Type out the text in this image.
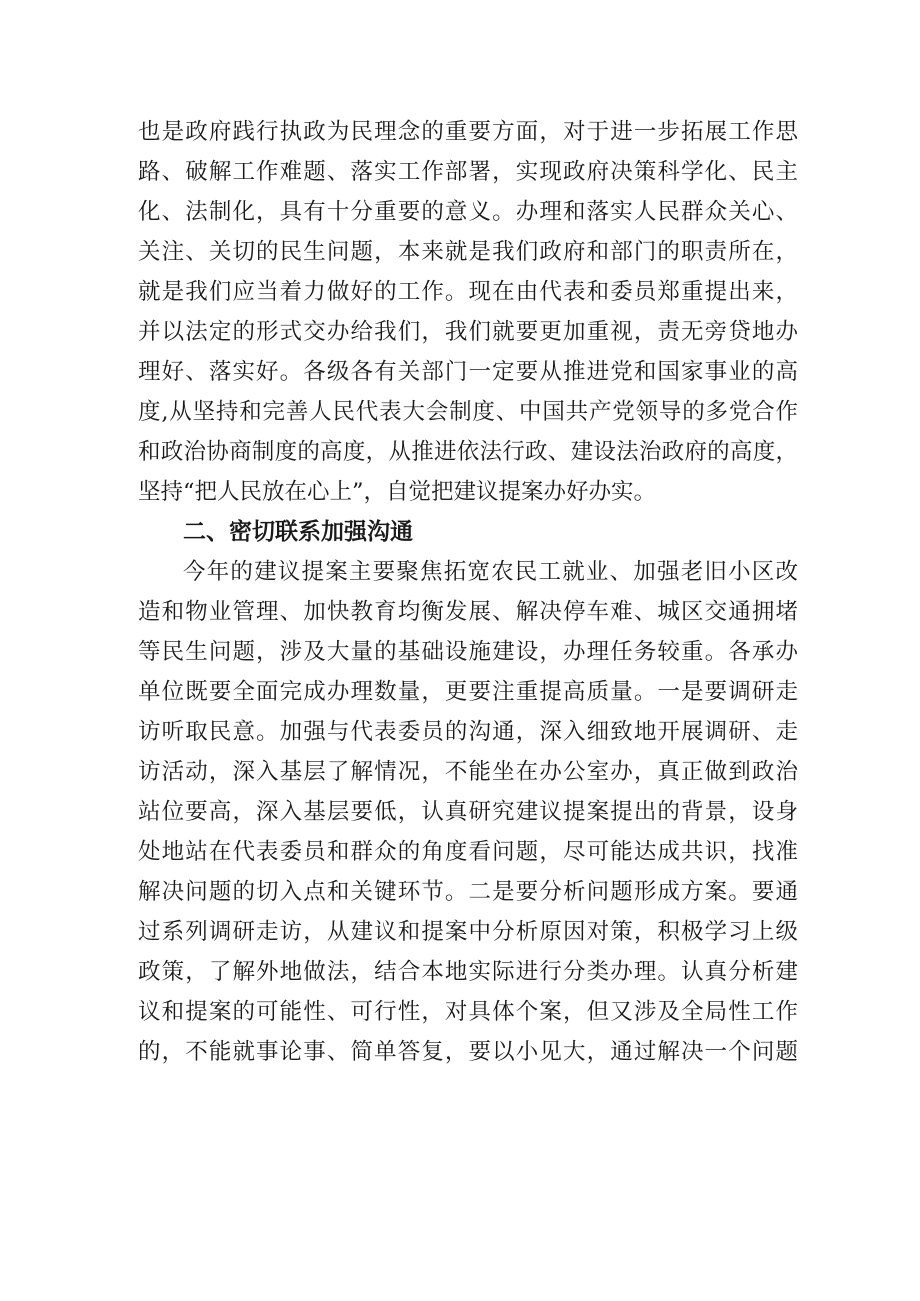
也是政府践行执政为民理念的重要方面，对于进一步拓展工作思
路、破解工作难题、落实工作部署，实现政府决策科学化、民主
化、法制化，具有十分重要的意义。办理和落实人民群众关心、
关注、关切的民生问题，本来就是我们政府和部门的职责所在，
就是我们应当着力做好的工作。现在由代表和委员郑重提出来，
并以法定的形式交办给我们，我们就要更加重视，责无旁贷地办
理好、落实好。各级各有关部门一定要从推进党和国家事业的高
度,从坚持和完善人民代表大会制度、中国共产党领导的多党合作
和政治协商制度的高度，从推进依法行政、建设法治政府的高度，
坚持“把人民放在心上”，自觉把建议提案办好办实。
二、密切联系加强沟通
今年的建议提案主要聚焦拓宽农民工就业、加强老旧小区改
造和物业管理、加快教育均衡发展、解决停车难、城区交通拥堵
等民生问题，涉及大量的基础设施建设，办理任务较重。各承办
单位既要全面完成办理数量，更要注重提高质量。一是要调研走
访听取民意。加强与代表委员的沟通，深入细致地开展调研、走
访活动，深入基层了解情况，不能坐在办公室办，真正做到政治
站位要高，深入基层要低，认真研究建议提案提出的背景，设身
处地站在代表委员和群众的角度看问题，尽可能达成共识，找准
解决问题的切入点和关键环节。二是要分析问题形成方案。要通
过系列调研走访，从建议和提案中分析原因对策，积极学习上级
政策，了解外地做法，结合本地实际进行分类办理。认真分析建
议和提案的可能性、可行性，对具体个案，但又涉及全局性工作
的，不能就事论事、简单答复，要以小见大，通过解决一个问题
